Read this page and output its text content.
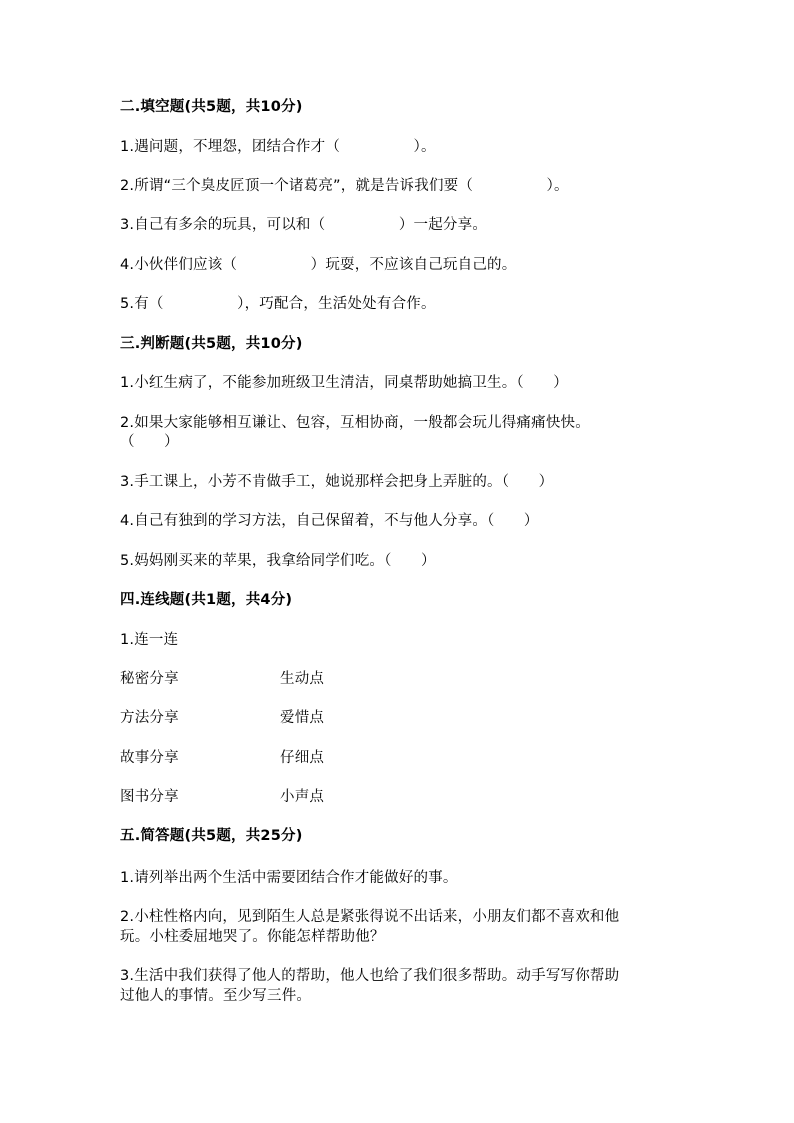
二.填空题(共5题，共10分)
1.遇问题，不埋怨，团结合作才（　　　　　）。
2.所谓“三个臭皮匠顶一个诸葛亮”，就是告诉我们要（　　　　　）。
3.自己有多余的玩具，可以和（　　　　　）一起分享。
4.小伙伴们应该（　　　　　）玩耍，不应该自己玩自己的。
5.有（　　　　　），巧配合，生活处处有合作。
三.判断题(共5题，共10分)
1.小红生病了，不能参加班级卫生清洁，同桌帮助她搞卫生。（　　）
2.如果大家能够相互谦让、包容，互相协商，一般都会玩儿得痛痛快快。
（　　）
3.手工课上，小芳不肯做手工，她说那样会把身上弄脏的。（　　）
4.自己有独到的学习方法，自己保留着，不与他人分享。（　　）
5.妈妈刚买来的苹果，我拿给同学们吃。（　　）
四.连线题(共1题，共4分)
1.连一连
秘密分享	生动点
方法分享	爱惜点
故事分享	仔细点
图书分享	小声点
五.简答题(共5题，共25分)
1.请列举出两个生活中需要团结合作才能做好的事。
2.小柱性格内向，见到陌生人总是紧张得说不出话来，小朋友们都不喜欢和他
玩。小柱委屈地哭了。你能怎样帮助他？
3.生活中我们获得了他人的帮助，他人也给了我们很多帮助。动手写写你帮助
过他人的事情。至少写三件。
